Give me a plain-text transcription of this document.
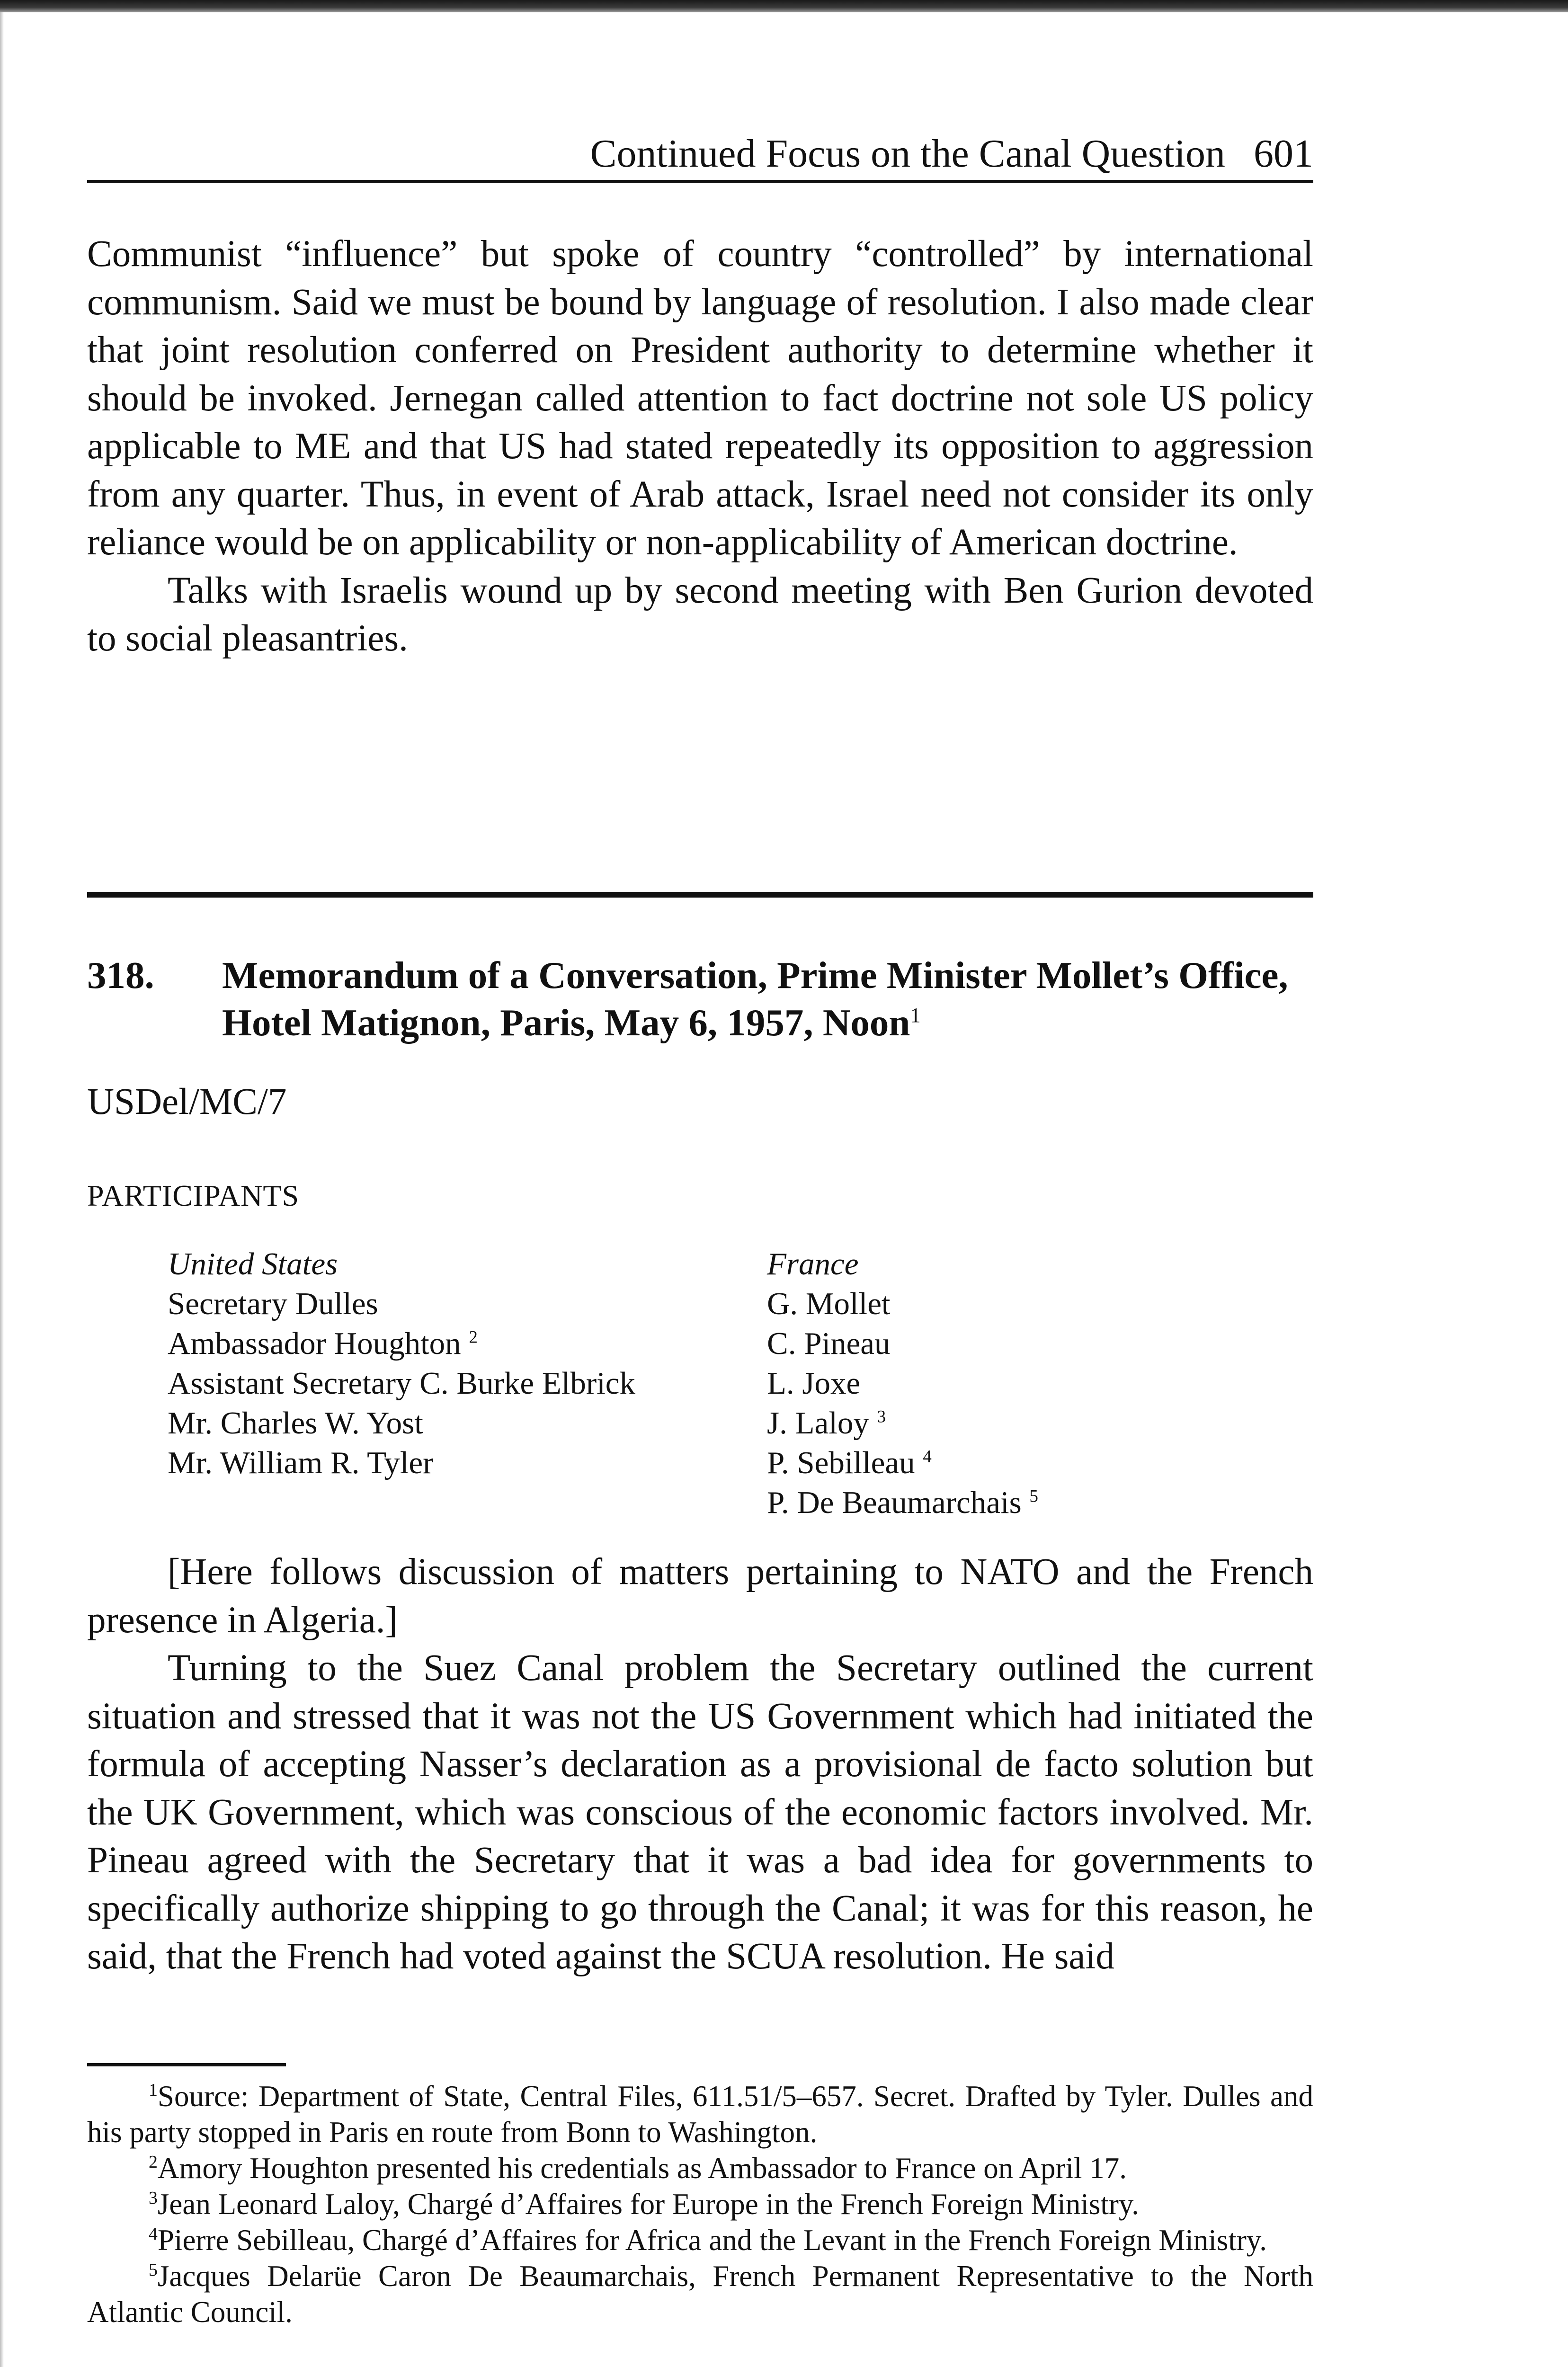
Continued Focus on the Canal Question 601

Communist “influence” but spoke of country “controlled” by international communism. Said we must be bound by language of resolution. I also made clear that joint resolution conferred on President authority to determine whether it should be invoked. Jernegan called attention to fact doctrine not sole US policy applicable to ME and that US had stated repeatedly its opposition to aggression from any quarter. Thus, in event of Arab attack, Israel need not consider its only reliance would be on applicability or non-applicability of American doctrine.

Talks with Israelis wound up by second meeting with Ben Gurion devoted to social pleasantries.

318. Memorandum of a Conversation, Prime Minister Mollet’s Office, Hotel Matignon, Paris, May 6, 1957, Noon$^1$
USDel/MC/7
PARTICIPANTS
United States
Secretary Dulles
Ambassador Houghton $^2$
Assistant Secretary C. Burke Elbrick
Mr. Charles W. Yost
Mr. William R. Tyler
France
G. Mollet
C. Pineau
L. Joxe
J. Laloy $^3$
P. Sebilleau $^4$
P. De Beaumarchais $^5$

[Here follows discussion of matters pertaining to NATO and the French presence in Algeria.]

Turning to the Suez Canal problem the Secretary outlined the current situation and stressed that it was not the US Government which had initiated the formula of accepting Nasser’s declaration as a provisional de facto solution but the UK Government, which was conscious of the economic factors involved. Mr. Pineau agreed with the Secretary that it was a bad idea for governments to specifically authorize shipping to go through the Canal; it was for this reason, he said, that the French had voted against the SCUA resolution. He said

$^1$Source: Department of State, Central Files, 611.51/5–657. Secret. Drafted by Tyler. Dulles and his party stopped in Paris en route from Bonn to Washington.

$^2$Amory Houghton presented his credentials as Ambassador to France on April 17.

$^3$Jean Leonard Laloy, Chargé d’Affaires for Europe in the French Foreign Ministry.

$^4$Pierre Sebilleau, Chargé d’Affaires for Africa and the Levant in the French Foreign Ministry.

$^5$Jacques Delarüe Caron De Beaumarchais, French Permanent Representative to the North Atlantic Council.
